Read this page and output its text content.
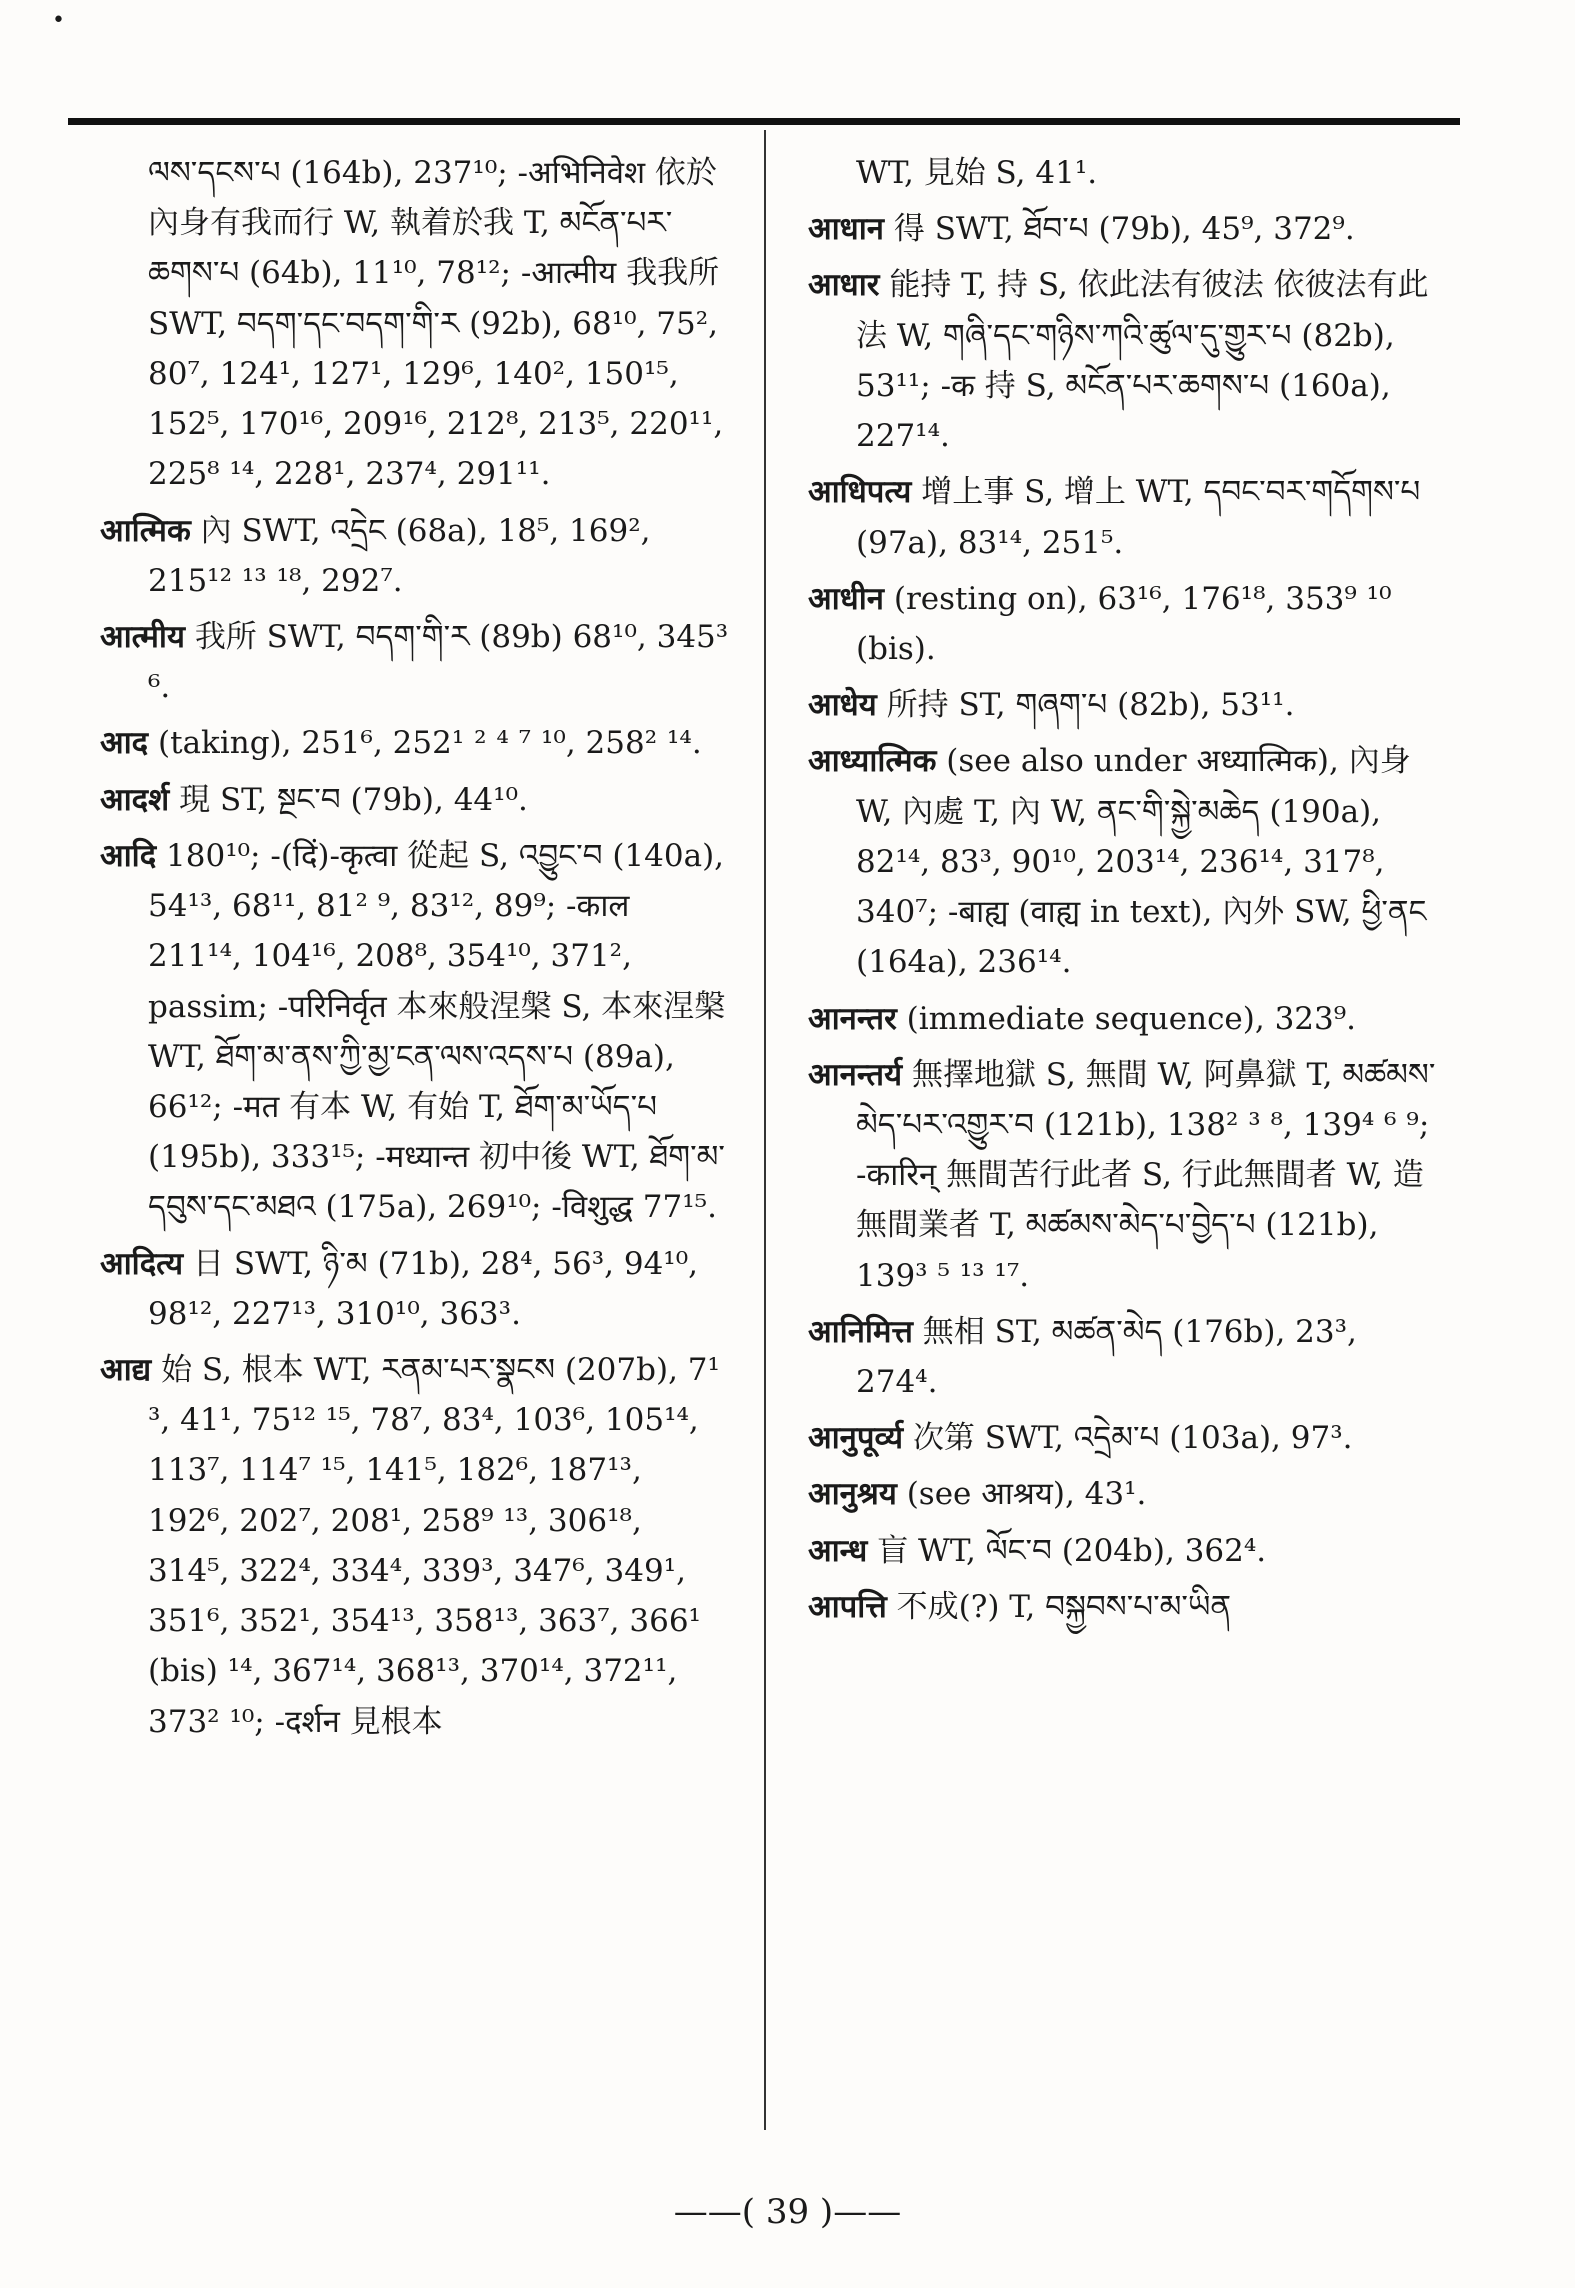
•
ལས་དངས་པ (164b), 237¹⁰; -अभिनिवेश 依於內身有我而行 W, 執着於我 T, མངོན་པར་ཆགས་པ (64b), 11¹⁰, 78¹²; -आत्मीय 我我所 SWT, བདག་དང་བདག་གི་ར (92b), 68¹⁰, 75², 80⁷, 124¹, 127¹, 129⁶, 140², 150¹⁵, 152⁵, 170¹⁶, 209¹⁶, 212⁸, 213⁵, 220¹¹, 225⁸ ¹⁴, 228¹, 237⁴, 291¹¹.
आत्मिक 內 SWT, འདྲེང (68a), 18⁵, 169², 215¹² ¹³ ¹⁸, 292⁷.
आत्मीय 我所 SWT, བདག་གི་ར (89b) 68¹⁰, 345³ ⁶.
आद (taking), 251⁶, 252¹ ² ⁴ ⁷ ¹⁰, 258² ¹⁴.
आदर्श 現 ST, སྔང་བ (79b), 44¹⁰.
आदि 180¹⁰; -(दिं)-कृत्वा 從起 S, འབྱུང་བ (140a), 54¹³, 68¹¹, 81² ⁹, 83¹², 89⁹; -काल 211¹⁴, 104¹⁶, 208⁸, 354¹⁰, 371², passim; -परिनिर्वृत 本來般涅槃 S, 本來涅槃 WT, ཐོག་མ་ནས་ཀྱི་མྱ་ངན་ལས་འདས་པ (89a), 66¹²; -मत 有本 W, 有始 T, ཐོག་མ་ཡོད་པ (195b), 333¹⁵; -मध्यान्त 初中後 WT, ཐོག་མ་དབུས་དང་མཐའ (175a), 269¹⁰; -विशुद्ध 77¹⁵.
आदित्य 日 SWT, ཉི་མ (71b), 28⁴, 56³, 94¹⁰, 98¹², 227¹³, 310¹⁰, 363³.
आद्य 始 S, 根本 WT, རནམ་པར་སྣངས (207b), 7¹ ³, 41¹, 75¹² ¹⁵, 78⁷, 83⁴, 103⁶, 105¹⁴, 113⁷, 114⁷ ¹⁵, 141⁵, 182⁶, 187¹³, 192⁶, 202⁷, 208¹, 258⁹ ¹³, 306¹⁸, 314⁵, 322⁴, 334⁴, 339³, 347⁶, 349¹, 351⁶, 352¹, 354¹³, 358¹³, 363⁷, 366¹ (bis) ¹⁴, 367¹⁴, 368¹³, 370¹⁴, 372¹¹, 373² ¹⁰; -दर्शन 見根本
WT, 見始 S, 41¹.
आधान 得 SWT, ཐོབ་པ (79b), 45⁹, 372⁹.
आधार 能持 T, 持 S, 依此法有彼法 依彼法有此法 W, གཞི་དང་གཉིས་ཀའི་ཚུལ་དུ་གྱུར་པ (82b), 53¹¹; -क 持 S, མངོན་པར་ཆགས་པ (160a), 227¹⁴.
आधिपत्य 增上事 S, 增上 WT, དབང་བར་གདོགས་པ (97a), 83¹⁴, 251⁵.
आधीन (resting on), 63¹⁶, 176¹⁸, 353⁹ ¹⁰ (bis).
आधेय 所持 ST, གཞག་པ (82b), 53¹¹.
आध्यात्मिक (see also under अध्यात्मिक), 內身 W, 內處 T, 內 W, ནང་གི་སྐྱེ་མཆེད (190a), 82¹⁴, 83³, 90¹⁰, 203¹⁴, 236¹⁴, 317⁸, 340⁷; -बाह्य (वाह्य in text), 內外 SW, ཕྱི་ནང (164a), 236¹⁴.
आनन्तर (immediate sequence), 323⁹.
आनन्तर्य 無擇地獄 S, 無間 W, 阿鼻獄 T, མཚམས་མེད་པར་འགྱུར་བ (121b), 138² ³ ⁸, 139⁴ ⁶ ⁹; -कारिन् 無間苦行此者 S, 行此無間者 W, 造無間業者 T, མཚམས་མེད་པ་བྱེད་པ (121b), 139³ ⁵ ¹³ ¹⁷.
आनिमित्त 無相 ST, མཚན་མེད (176b), 23³, 274⁴.
आनुपूर्व्य 次第 SWT, འདྲེམ་པ (103a), 97³.
आनुश्रय (see आश्रय), 43¹.
आन्ध 盲 WT, ལོང་བ (204b), 362⁴.
आपत्ति 不成(?) T, བསྐྱབས་པ་མ་ཡིན
——( 39 )——
